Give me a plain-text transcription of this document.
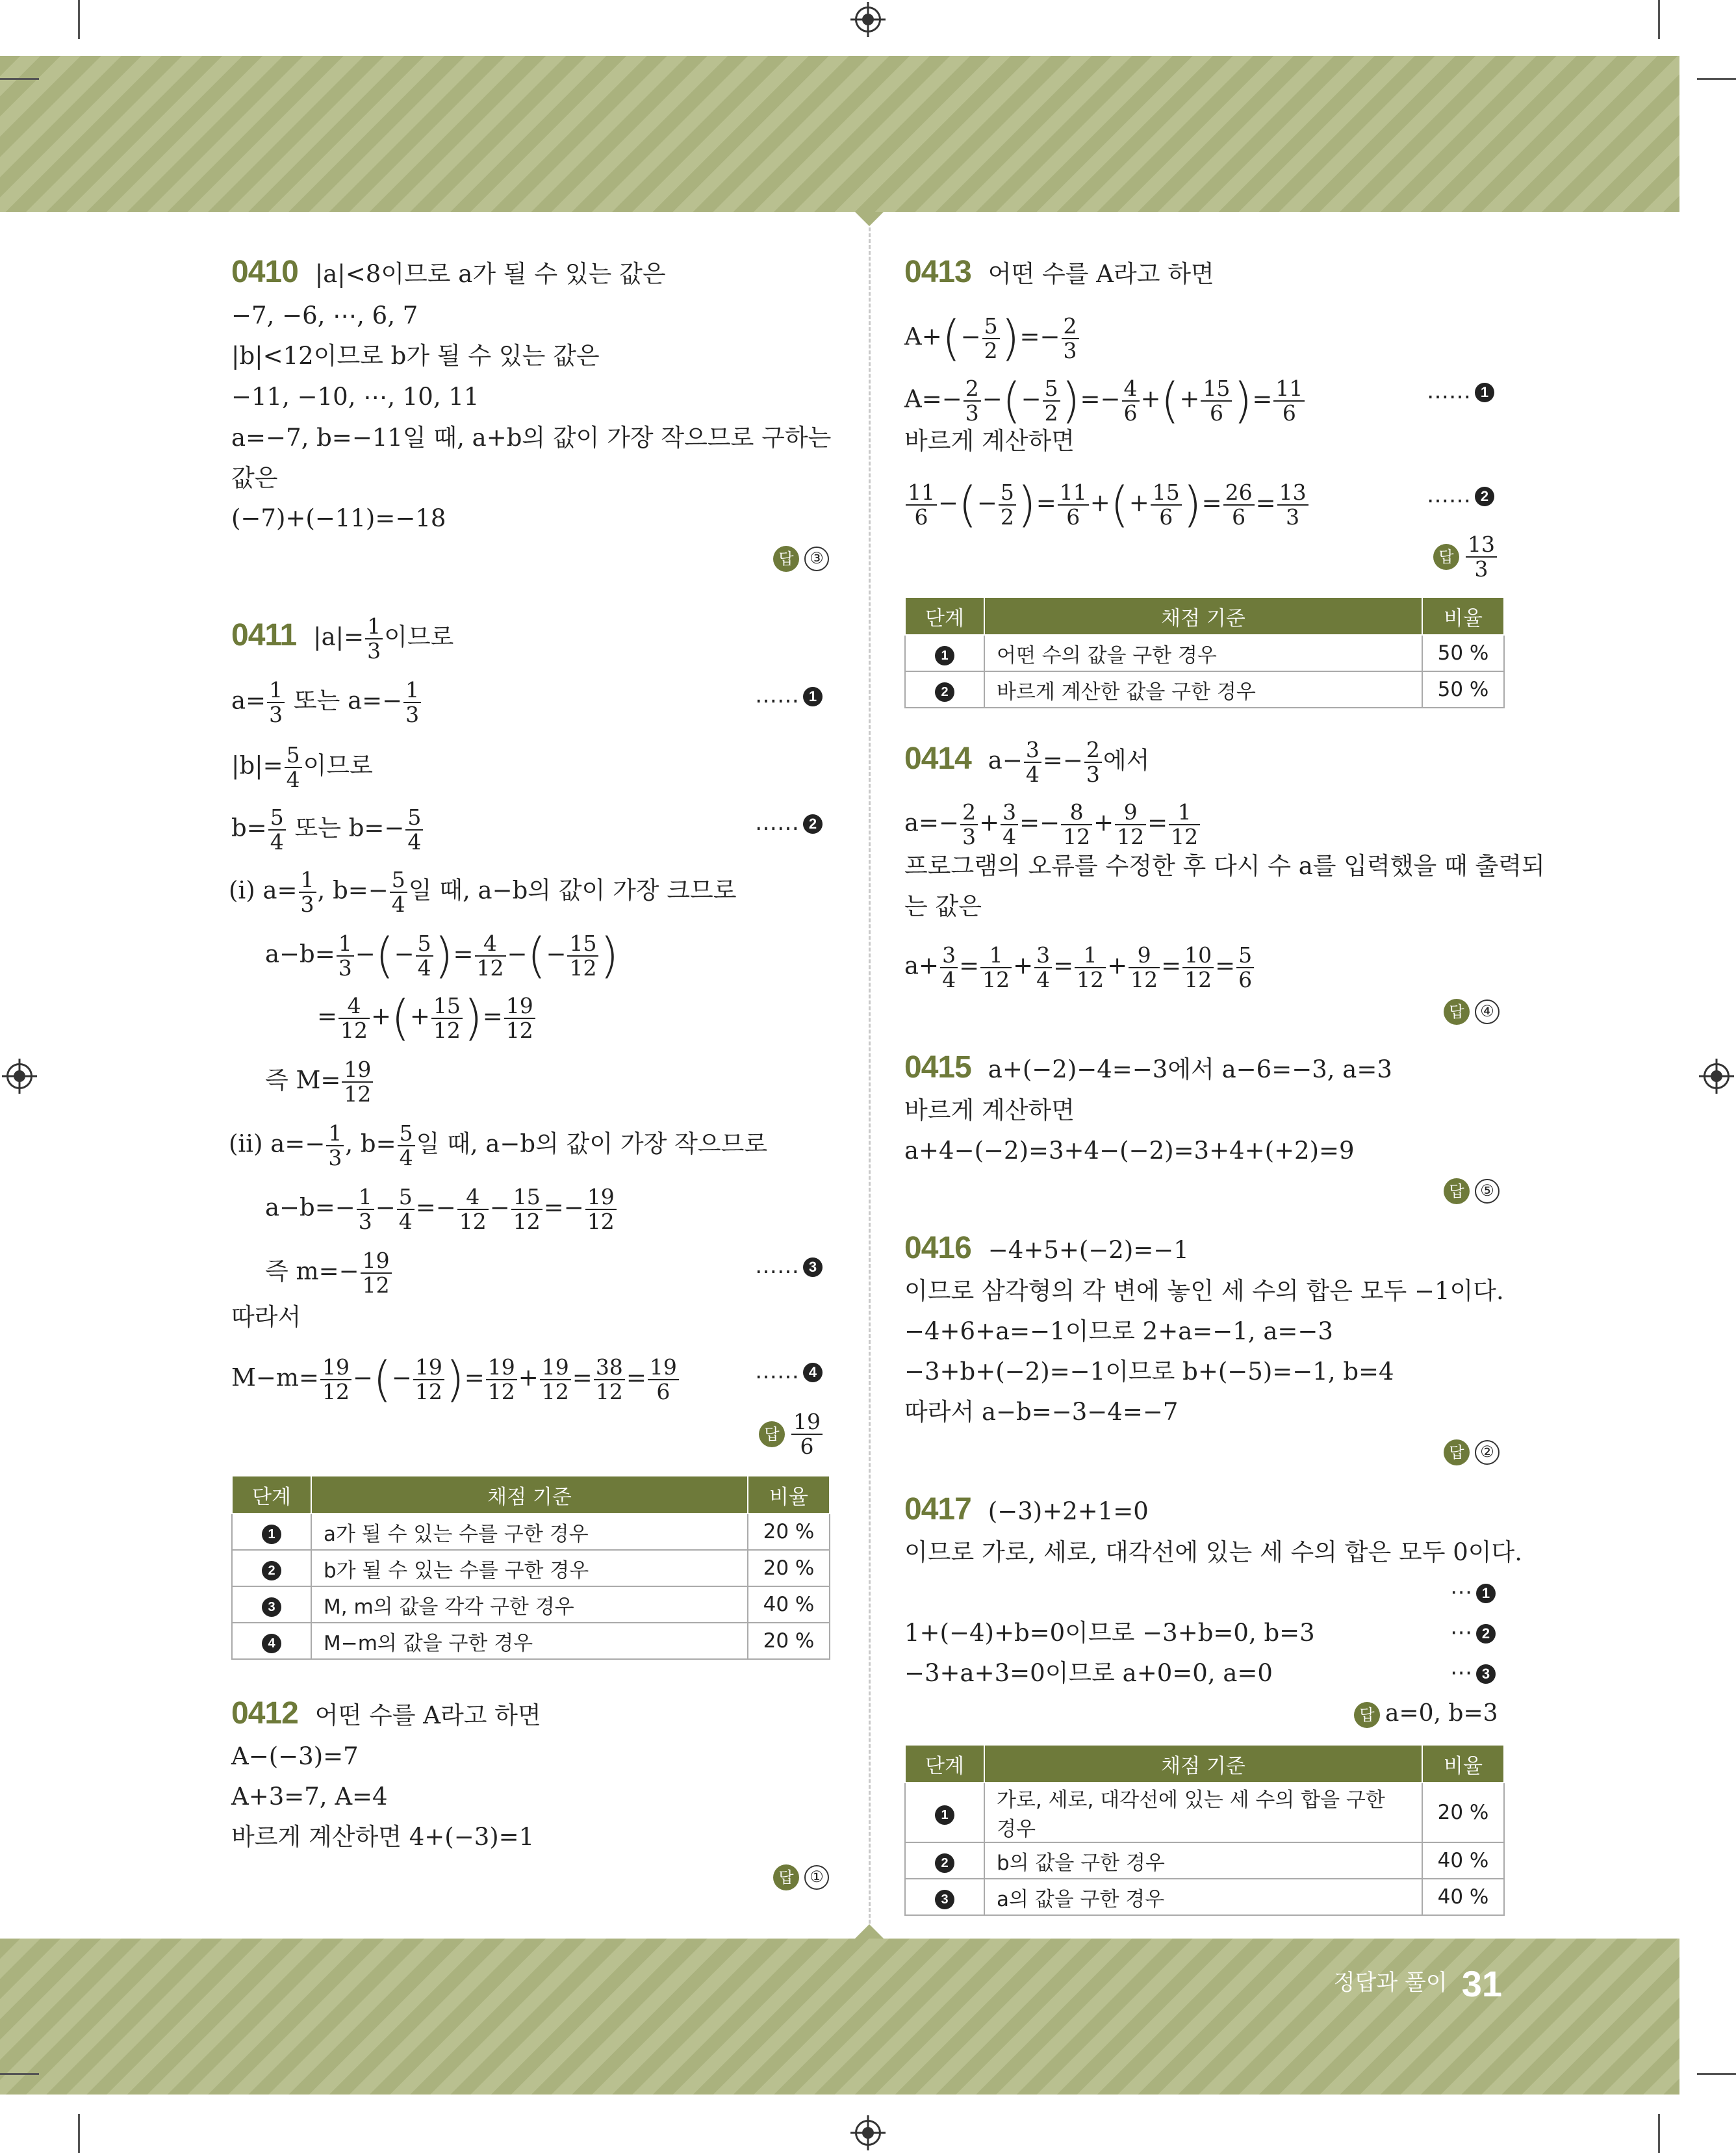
0410 |a|<8이므로 a가 될 수 있는 값은
−7, −6, ⋯, 6, 7
|b|<12이므로 b가 될 수 있는 값은
−11, −10, ⋯, 10, 11
a=−7, b=−11일 때, a+b의 값이 가장 작으므로 구하는
값은
(−7)+(−11)=−18
답 ③
0411 $|a|= \frac{1}{3}$ 이므로
$a= \frac{1}{3}$ 또는 $a=- \frac{1}{3}$	…… 1
$|b|= \frac{5}{4}$ 이므로
$b= \frac{5}{4}$ 또는 $b=- \frac{5}{4}$	…… 2
(ⅰ) $a= \frac{1}{3}$ , $b=- \frac{5}{4}$ 일 때, a−b의 값이 가장 크므로
$a-b= \frac{1}{3}$ −(− $\frac{5}{4}$ )= $\frac{4}{12}$ −(− $\frac{15}{12}$ )
= $\frac{4}{12}$ +(+ $\frac{15}{12}$ )= $\frac{19}{12}$
즉 $M= \frac{19}{12}$
(ⅱ) $a=- \frac{1}{3}$ , $b= \frac{5}{4}$ 일 때, a−b의 값이 가장 작으므로
$a-b=- \frac{1}{3} - \frac{5}{4} =- \frac{4}{12} - \frac{15}{12} =- \frac{19}{12}$
즉 $m=- \frac{19}{12}$	…… 3
따라서
$M-m= \frac{19}{12}$ −(− $\frac{19}{12}$ )= $\frac{19}{12} + \frac{19}{12} = \frac{38}{12} = \frac{19}{6}$	…… 4
답 $\frac{19}{6}$
단계	채점 기준	비율
1	a가 될 수 있는 수를 구한 경우	20 %
2	b가 될 수 있는 수를 구한 경우	20 %
3	M, m의 값을 각각 구한 경우	40 %
4	M−m의 값을 구한 경우	20 %
0412 어떤 수를 A라고 하면
A−(−3)=7
A+3=7, A=4
바르게 계산하면 4+(−3)=1
답 ①
0413 어떤 수를 A라고 하면
$A+(- \frac{5}{2}$ )=− $\frac{2}{3}$
$A=- \frac{2}{3}$ −(− $\frac{5}{2}$ )=− $\frac{4}{6}$ +(+ $\frac{15}{6}$ )= $\frac{11}{6}$	…… 1
바르게 계산하면
$\frac{11}{6}$ −(− $\frac{5}{2}$ )= $\frac{11}{6}$ +(+ $\frac{15}{6}$ )= $\frac{26}{6} = \frac{13}{3}$	…… 2
답 $\frac{13}{3}$
단계	채점 기준	비율
1	어떤 수의 값을 구한 경우	50 %
2	바르게 계산한 값을 구한 경우	50 %
0414 $a- \frac{3}{4} =- \frac{2}{3}$ 에서
$a=- \frac{2}{3} + \frac{3}{4} =- \frac{8}{12} + \frac{9}{12} = \frac{1}{12}$
프로그램의 오류를 수정한 후 다시 수 a를 입력했을 때 출력되
는 값은
$a+ \frac{3}{4} = \frac{1}{12} + \frac{3}{4} = \frac{1}{12} + \frac{9}{12} = \frac{10}{12} = \frac{5}{6}$
답 ④
0415 a+(−2)−4=−3에서 a−6=−3, a=3
바르게 계산하면
a+4−(−2)=3+4−(−2)=3+4+(+2)=9
답 ⑤
0416 −4+5+(−2)=−1
이므로 삼각형의 각 변에 놓인 세 수의 합은 모두 −1이다.
−4+6+a=−1이므로 2+a=−1, a=−3
−3+b+(−2)=−1이므로 b+(−5)=−1, b=4
따라서 a−b=−3−4=−7
답 ②
0417 (−3)+2+1=0
이므로 가로, 세로, 대각선에 있는 세 수의 합은 모두 0이다.
⋯ 1
1+(−4)+b=0이므로 −3+b=0, b=3	⋯ 2
−3+a+3=0이므로 a+0=0, a=0	⋯ 3
답 a=0, b=3
단계	채점 기준	비율
1	가로, 세로, 대각선에 있는 세 수의 합을 구한 경우	20 %
2	b의 값을 구한 경우	40 %
3	a의 값을 구한 경우	40 %
정답과 풀이 31
